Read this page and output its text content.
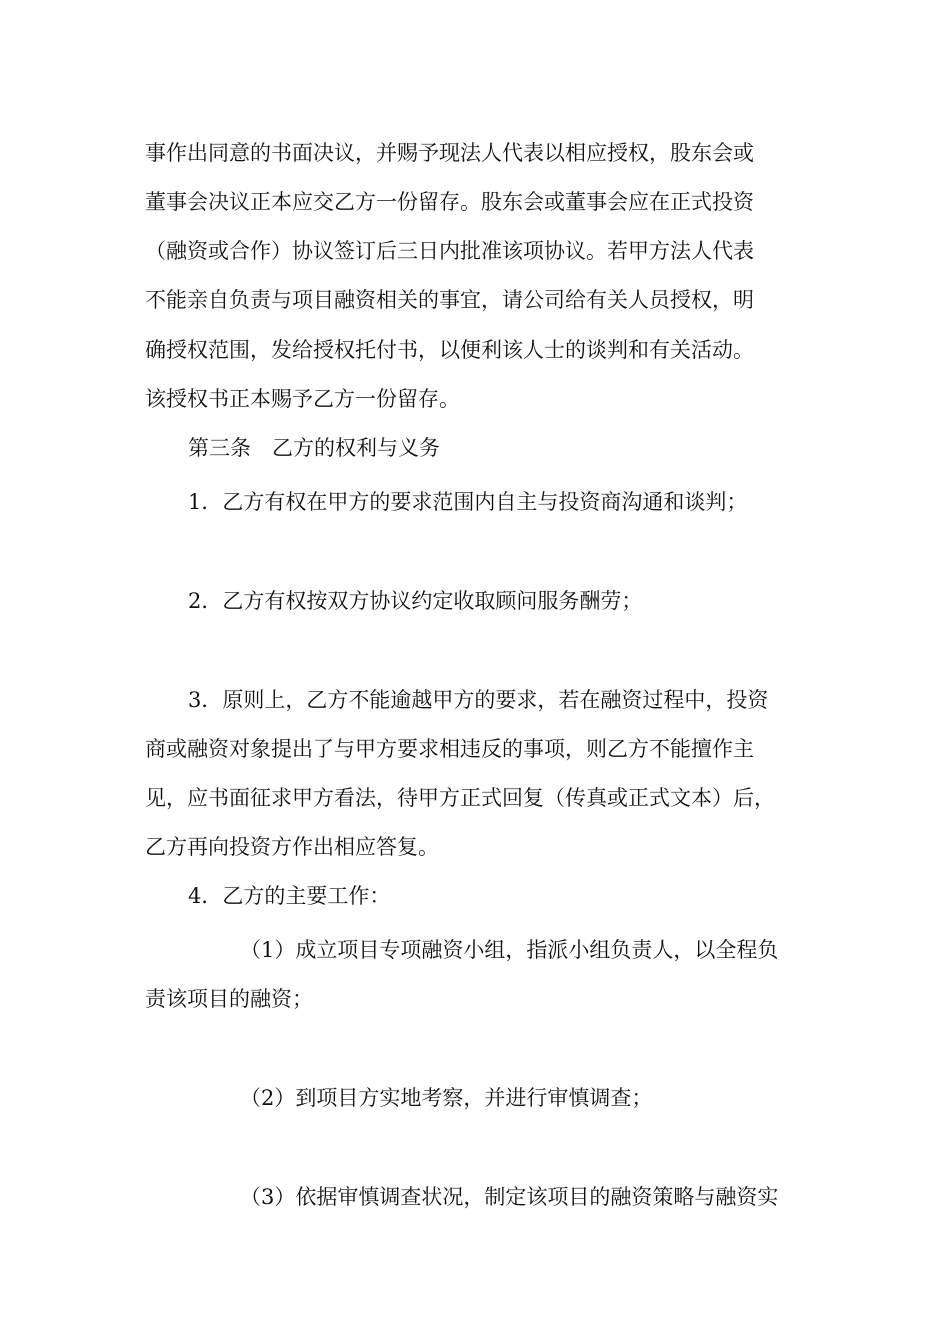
事作出同意的书面决议，并赐予现法人代表以相应授权，股东会或
董事会决议正本应交乙方一份留存。股东会或董事会应在正式投资
（融资或合作）协议签订后三日内批准该项协议。若甲方法人代表
不能亲自负责与项目融资相关的事宜，请公司给有关人员授权，明
确授权范围，发给授权托付书，以便利该人士的谈判和有关活动。
该授权书正本赐予乙方一份留存。
第三条　乙方的权利与义务
1．乙方有权在甲方的要求范围内自主与投资商沟通和谈判；
2．乙方有权按双方协议约定收取顾问服务酬劳；
3．原则上，乙方不能逾越甲方的要求，若在融资过程中，投资
商或融资对象提出了与甲方要求相违反的事项，则乙方不能擅作主
见，应书面征求甲方看法，待甲方正式回复（传真或正式文本）后，
乙方再向投资方作出相应答复。
4．乙方的主要工作：
（1）成立项目专项融资小组，指派小组负责人，以全程负
责该项目的融资；
（2）到项目方实地考察，并进行审慎调查；
（3）依据审慎调查状况，制定该项目的融资策略与融资实
